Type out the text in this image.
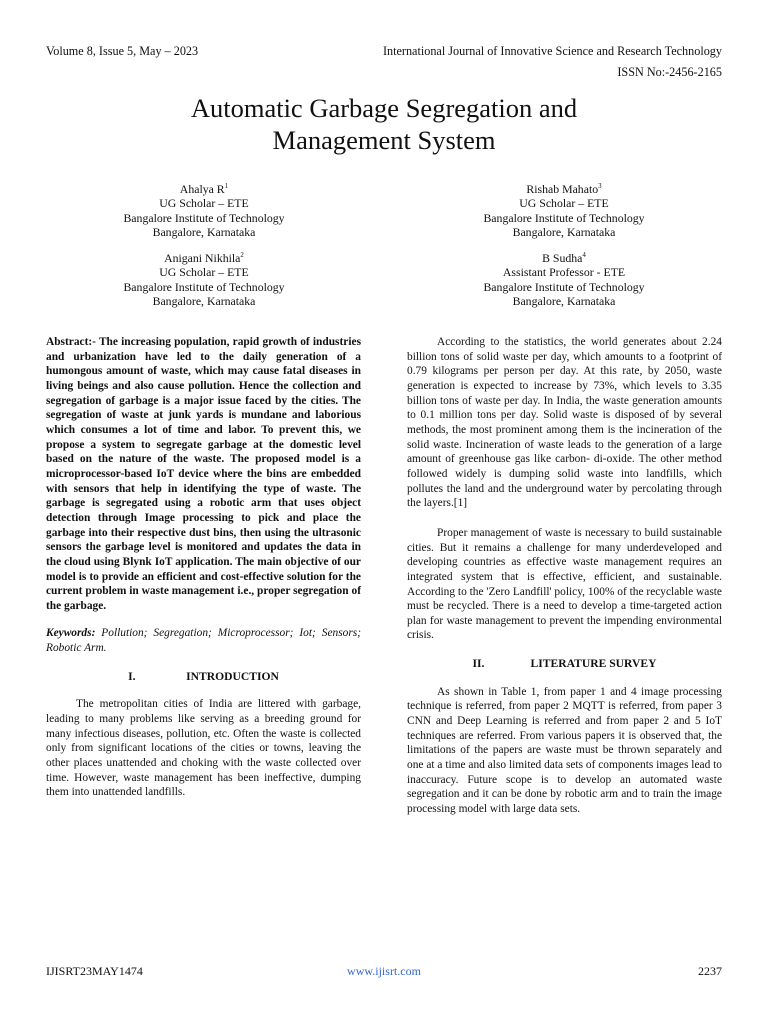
Volume 8, Issue 5, May – 2023	International Journal of Innovative Science and Research Technology
ISSN No:-2456-2165
Automatic Garbage Segregation and
Management System
Ahalya $R^1$
UG Scholar – ETE
Bangalore Institute of Technology
Bangalore, Karnataka
Rishab Mahato$^3$
UG Scholar – ETE
Bangalore Institute of Technology
Bangalore, Karnataka
Anigani Nikhila$^2$
UG Scholar – ETE
Bangalore Institute of Technology
Bangalore, Karnataka
B Sudha$^4$
Assistant Professor - ETE
Bangalore Institute of Technology
Bangalore, Karnataka

Abstract:- The increasing population, rapid growth of industries and urbanization have led to the daily generation of a humongous amount of waste, which may cause fatal diseases in living beings and also cause pollution. Hence the collection and segregation of garbage is a major issue faced by the cities. The segregation of waste at junk yards is mundane and laborious which consumes a lot of time and labor. To prevent this, we propose a system to segregate garbage at the domestic level based on the nature of the waste. The proposed model is a microprocessor-based IoT device where the bins are embedded with sensors that help in identifying the type of waste. The garbage is segregated using a robotic arm that uses object detection through Image processing to pick and place the garbage into their respective dust bins, then using the ultrasonic sensors the garbage level is monitored and updates the data in the cloud using Blynk IoT application. The main objective of our model is to provide an efficient and cost-effective solution for the current problem in waste management i.e., proper segregation of the garbage.

Keywords: Pollution; Segregation; Microprocessor; Iot; Sensors; Robotic Arm.

I.	INTRODUCTION

The metropolitan cities of India are littered with garbage, leading to many problems like serving as a breeding ground for many infectious diseases, pollution, etc. Often the waste is collected only from significant locations of the cities or towns, leaving the other places unattended and choking with the waste collected over time. However, waste management has been ineffective, dumping them into unattended landfills.

According to the statistics, the world generates about 2.24 billion tons of solid waste per day, which amounts to a footprint of 0.79 kilograms per person per day. At this rate, by 2050, waste generation is expected to increase by 73%, which levels to 3.35 billion tons of waste per day. In India, the waste generation amounts to 0.1 million tons per day. Solid waste is disposed of by several methods, the most prominent among them is the incineration of the solid waste. Incineration of waste leads to the generation of a large amount of greenhouse gas like carbon- di-oxide. The other method followed widely is dumping solid waste into landfills, which pollutes the land and the underground water by percolating through the layers.[1]

Proper management of waste is necessary to build sustainable cities. But it remains a challenge for many underdeveloped and developing countries as effective waste management requires an integrated system that is effective, efficient, and sustainable. According to the 'Zero Landfill' policy, 100% of the recyclable waste must be recycled. There is a need to develop a time-targeted action plan for waste management to prevent the impending environmental crisis.

II.	LITERATURE SURVEY

As shown in Table 1, from paper 1 and 4 image processing technique is referred, from paper 2 MQTT is referred, from paper 3 CNN and Deep Learning is referred and from paper 2 and 5 IoT techniques are referred. From various papers it is observed that, the limitations of the papers are waste must be thrown separately and one at a time and also limited data sets of components images lead to inaccuracy. Future scope is to develop an automated waste segregation and it can be done by robotic arm and to train the image processing model with large data sets.

IJISRT23MAY1474	www.ijisrt.com	2237
